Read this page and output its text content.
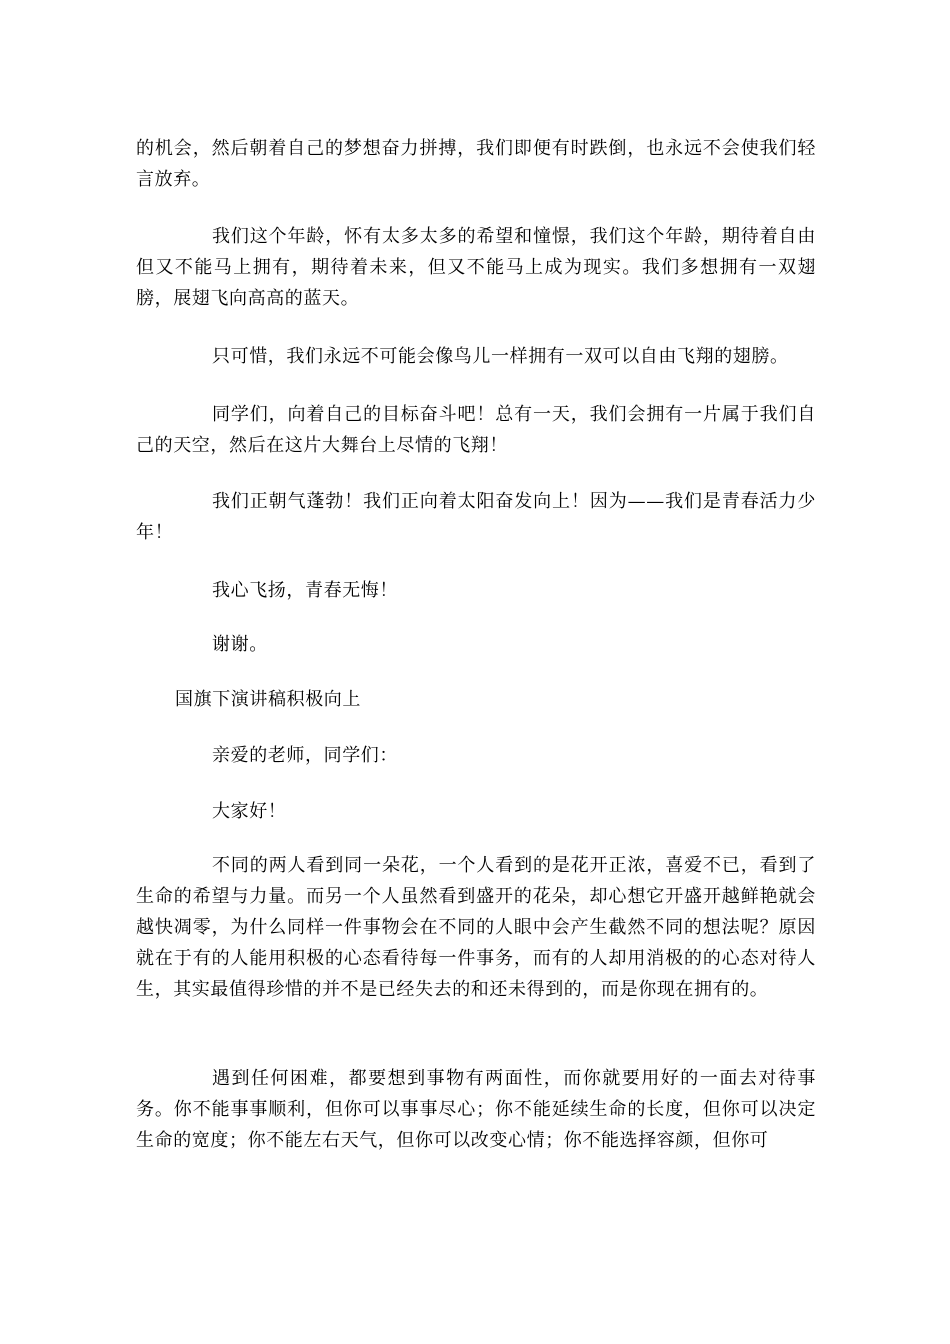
的机会，然后朝着自己的梦想奋力拼搏，我们即便有时跌倒，也永远不会使我们轻言放弃。

我们这个年龄，怀有太多太多的希望和憧憬，我们这个年龄，期待着自由但又不能马上拥有，期待着未来，但又不能马上成为现实。我们多想拥有一双翅膀，展翅飞向高高的蓝天。

只可惜，我们永远不可能会像鸟儿一样拥有一双可以自由飞翔的翅膀。

同学们，向着自己的目标奋斗吧！总有一天，我们会拥有一片属于我们自己的天空，然后在这片大舞台上尽情的飞翔！

我们正朝气蓬勃！我们正向着太阳奋发向上！因为——我们是青春活力少年！

我心飞扬，青春无悔！

谢谢。

国旗下演讲稿积极向上

亲爱的老师，同学们：

大家好！

不同的两人看到同一朵花，一个人看到的是花开正浓，喜爱不已，看到了生命的希望与力量。而另一个人虽然看到盛开的花朵，却心想它开盛开越鲜艳就会越快凋零，为什么同样一件事物会在不同的人眼中会产生截然不同的想法呢？原因就在于有的人能用积极的心态看待每一件事务，而有的人却用消极的的心态对待人生，其实最值得珍惜的并不是已经失去的和还未得到的，而是你现在拥有的。

遇到任何困难，都要想到事物有两面性，而你就要用好的一面去对待事务。你不能事事顺利，但你可以事事尽心；你不能延续生命的长度，但你可以决定生命的宽度；你不能左右天气，但你可以改变心情；你不能选择容颜，但你可
